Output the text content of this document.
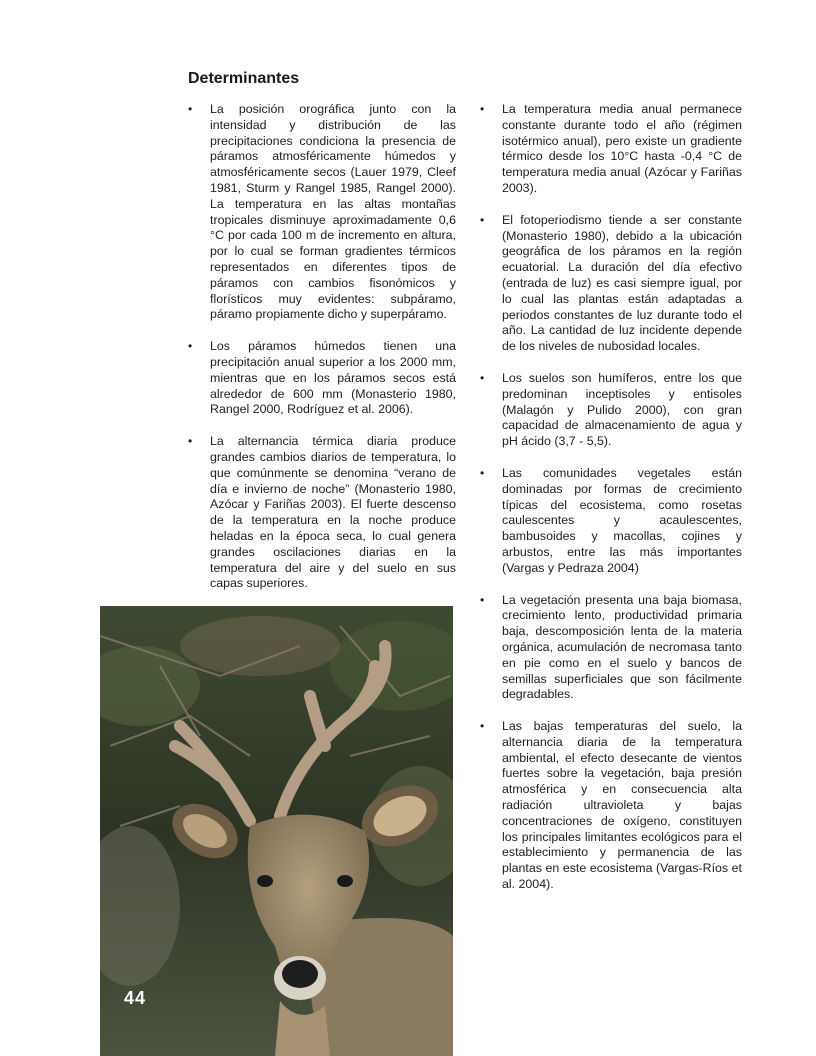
Determinantes
• La posición orográfica junto con la intensidad y distribución de las precipitaciones condiciona la presencia de páramos atmosféricamente húmedos y atmosféricamente secos (Lauer 1979, Cleef 1981, Sturm y Rangel 1985, Rangel 2000). La temperatura en las altas montañas tropicales disminuye aproximadamente 0,6 °C por cada 100 m de incremento en altura, por lo cual se forman gradientes térmicos representados en diferentes tipos de páramos con cambios fisonómicos y florísticos muy evidentes: subpáramo, páramo propiamente dicho y superpáramo.
• Los páramos húmedos tienen una precipitación anual superior a los 2000 mm, mientras que en los páramos secos está alrededor de 600 mm (Monasterio 1980, Rangel 2000, Rodríguez et al. 2006).
• La alternancia térmica diaria produce grandes cambios diarios de temperatura, lo que comúnmente se denomina “verano de día e invierno de noche” (Monasterio 1980, Azócar y Fariñas 2003). El fuerte descenso de la temperatura en la noche produce heladas en la época seca, lo cual genera grandes oscilaciones diarias en la temperatura del aire y del suelo en sus capas superiores.
• La temperatura media anual permanece constante durante todo el año (régimen isotérmico anual), pero existe un gradiente térmico desde los 10°C hasta -0,4 °C de temperatura media anual (Azócar y Fariñas 2003).
• El fotoperiodismo tiende a ser constante (Monasterio 1980), debido a la ubicación geográfica de los páramos en la región ecuatorial. La duración del día efectivo (entrada de luz) es casi siempre igual, por lo cual las plantas están adaptadas a periodos constantes de luz durante todo el año. La cantidad de luz incidente depende de los niveles de nubosidad locales.
• Los suelos son humíferos, entre los que predominan inceptisoles y entisoles (Malagón y Pulido 2000), con gran capacidad de almacenamiento de agua y pH ácido (3,7 - 5,5).
• Las comunidades vegetales están dominadas por formas de crecimiento típicas del ecosistema, como rosetas caulescentes y acaulescentes, bambusoides y macollas, cojines y arbustos, entre las más importantes (Vargas y Pedraza 2004)
• La vegetación presenta una baja biomasa, crecimiento lento, productividad primaria baja, descomposición lenta de la materia orgánica, acumulación de necromasa tanto en pie como en el suelo y bancos de semillas superficiales que son fácilmente degradables.
• Las bajas temperaturas del suelo, la alternancia diaria de la temperatura ambiental, el efecto desecante de vientos fuertes sobre la vegetación, baja presión atmosférica y en consecuencia alta radiación ultravioleta y bajas concentraciones de oxígeno, constituyen los principales limitantes ecológicos para el establecimiento y permanencia de las plantas en este ecosistema (Vargas-Ríos et al. 2004).
44
